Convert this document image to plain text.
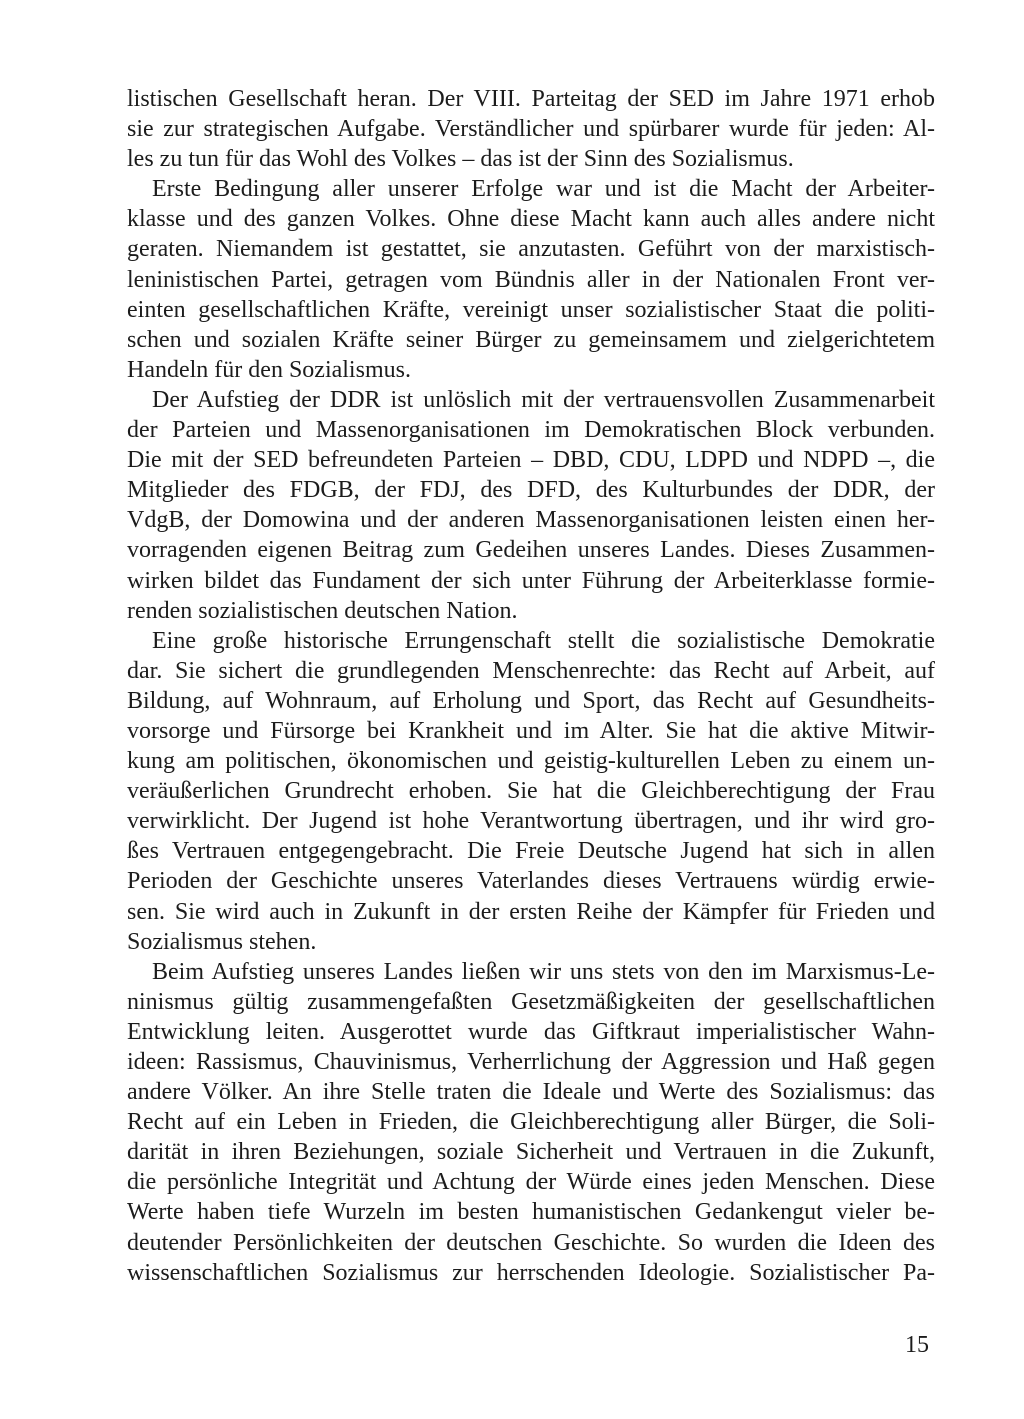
listischen Gesellschaft heran. Der VIII. Parteitag der SED im Jahre 1971 erhob
sie zur strategischen Aufgabe. Verständlicher und spürbarer wurde für jeden: Al-
les zu tun für das Wohl des Volkes – das ist der Sinn des Sozialismus.
Erste Bedingung aller unserer Erfolge war und ist die Macht der Arbeiter-
klasse und des ganzen Volkes. Ohne diese Macht kann auch alles andere nicht
geraten. Niemandem ist gestattet, sie anzutasten. Geführt von der marxistisch-
leninistischen Partei, getragen vom Bündnis aller in der Nationalen Front ver-
einten gesellschaftlichen Kräfte, vereinigt unser sozialistischer Staat die politi-
schen und sozialen Kräfte seiner Bürger zu gemeinsamem und zielgerichtetem
Handeln für den Sozialismus.
Der Aufstieg der DDR ist unlöslich mit der vertrauensvollen Zusammenarbeit
der Parteien und Massenorganisationen im Demokratischen Block verbunden.
Die mit der SED befreundeten Parteien – DBD, CDU, LDPD und NDPD –, die
Mitglieder des FDGB, der FDJ, des DFD, des Kulturbundes der DDR, der
VdgB, der Domowina und der anderen Massenorganisationen leisten einen her-
vorragenden eigenen Beitrag zum Gedeihen unseres Landes. Dieses Zusammen-
wirken bildet das Fundament der sich unter Führung der Arbeiterklasse formie-
renden sozialistischen deutschen Nation.
Eine große historische Errungenschaft stellt die sozialistische Demokratie
dar. Sie sichert die grundlegenden Menschenrechte: das Recht auf Arbeit, auf
Bildung, auf Wohnraum, auf Erholung und Sport, das Recht auf Gesundheits-
vorsorge und Fürsorge bei Krankheit und im Alter. Sie hat die aktive Mitwir-
kung am politischen, ökonomischen und geistig-kulturellen Leben zu einem un-
veräußerlichen Grundrecht erhoben. Sie hat die Gleichberechtigung der Frau
verwirklicht. Der Jugend ist hohe Verantwortung übertragen, und ihr wird gro-
ßes Vertrauen entgegengebracht. Die Freie Deutsche Jugend hat sich in allen
Perioden der Geschichte unseres Vaterlandes dieses Vertrauens würdig erwie-
sen. Sie wird auch in Zukunft in der ersten Reihe der Kämpfer für Frieden und
Sozialismus stehen.
Beim Aufstieg unseres Landes ließen wir uns stets von den im Marxismus-Le-
ninismus gültig zusammengefaßten Gesetzmäßigkeiten der gesellschaftlichen
Entwicklung leiten. Ausgerottet wurde das Giftkraut imperialistischer Wahn-
ideen: Rassismus, Chauvinismus, Verherrlichung der Aggression und Haß gegen
andere Völker. An ihre Stelle traten die Ideale und Werte des Sozialismus: das
Recht auf ein Leben in Frieden, die Gleichberechtigung aller Bürger, die Soli-
darität in ihren Beziehungen, soziale Sicherheit und Vertrauen in die Zukunft,
die persönliche Integrität und Achtung der Würde eines jeden Menschen. Diese
Werte haben tiefe Wurzeln im besten humanistischen Gedankengut vieler be-
deutender Persönlichkeiten der deutschen Geschichte. So wurden die Ideen des
wissenschaftlichen Sozialismus zur herrschenden Ideologie. Sozialistischer Pa-
15
